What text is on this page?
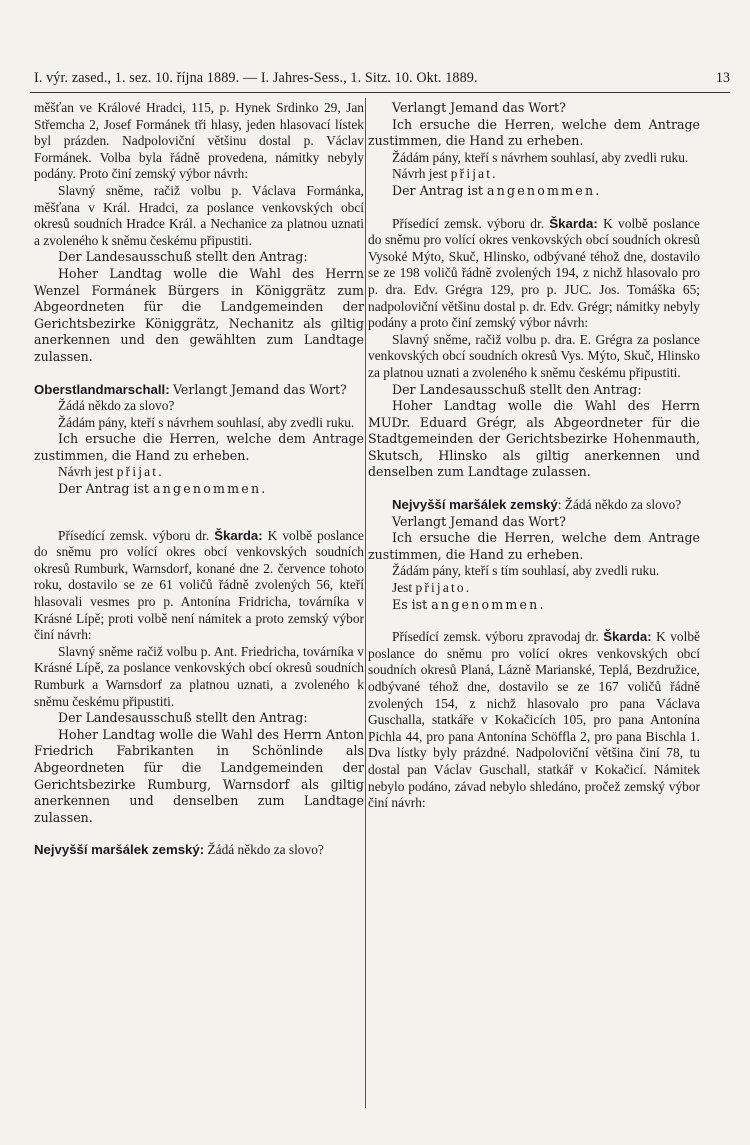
I. výr. zased., 1. sez. 10. října 1889. — I. Jahres-Sess., 1. Sitz. 10. Okt. 1889.	13

měšťan ve Králové Hradci, 115, p. Hynek Srdinko 29, Jan Střemcha 2, Josef Formánek tři hlasy, jeden hlasovací lístek byl prázden. Nadpoloviční většinu dostal p. Václav Formánek. Volba byla řádně provedena, námitky nebyly podány. Proto činí zemský výbor návrh:

Slavný sněme, račiž volbu p. Václava Formánka, měšťana v Král. Hradci, za poslance venkovských obcí okresů soudních Hradce Král. a Nechanice za platnou uznati a zvoleného k sněmu českému připustiti.

Der Landesausschuß stellt den Antrag:

Hoher Landtag wolle die Wahl des Herrn Wenzel Formánek Bürgers in Königgrätz zum Abgeordneten für die Landgemeinden der Gerichtsbezirke Königgrätz, Nechanitz als giltig anerkennen und den gewählten zum Landtage zulassen.

Oberstlandmarschall: Verlangt Jemand das Wort?

Žádá někdo za slovo?

Žádám pány, kteří s návrhem souhlasí, aby zvedli ruku.

Ich ersuche die Herren, welche dem Antrage zustimmen, die Hand zu erheben.

Návrh jest přijat.

Der Antrag ist angenommen.

Přísedící zemsk. výboru dr. Škarda: K volbě poslance do sněmu pro volící okres obcí venkovských soudních okresů Rumburk, Warnsdorf, konané dne 2. července tohoto roku, dostavilo se ze 61 voličů řádně zvolených 56, kteří hlasovali vesmes pro p. Antonína Fridricha, továrníka v Krásné Lípě; proti volbě není námitek a proto zemský výbor činí návrh:

Slavný sněme račiž volbu p. Ant. Friedricha, továrníka v Krásné Lípě, za poslance venkovských obcí okresů soudních Rumburk a Warnsdorf za platnou uznati, a zvoleného k sněmu českému připustiti.

Der Landesausschuß stellt den Antrag:

Hoher Landtag wolle die Wahl des Herrn Anton Friedrich Fabrikanten in Schönlinde als Abgeordneten für die Landgemeinden der Gerichtsbezirke Rumburg, Warnsdorf als giltig anerkennen und denselben zum Landtage zulassen.

Nejvyšší maršálek zemský: Žádá někdo za slovo?

Verlangt Jemand das Wort?

Ich ersuche die Herren, welche dem Antrage zustimmen, die Hand zu erheben.

Žádám pány, kteří s návrhem souhlasí, aby zvedli ruku.

Návrh jest přijat.

Der Antrag ist angenommen.

Přísedící zemsk. výboru dr. Škarda: K volbě poslance do sněmu pro volící okres venkovských obcí soudních okresů Vysoké Mýto, Skuč, Hlinsko, odbývané téhož dne, dostavilo se ze 198 voličů řádně zvolených 194, z nichž hlasovalo pro p. dra. Edv. Grégra 129, pro p. JUC. Jos. Tomáška 65; nadpoloviční většinu dostal p. dr. Edv. Grégr; námitky nebyly podány a proto činí zemský výbor návrh:

Slavný sněme, račiž volbu p. dra. E. Grégra za poslance venkovských obcí soudních okresů Vys. Mýto, Skuč, Hlinsko za platnou uznati a zvoleného k sněmu českému připustiti.

Der Landesausschuß stellt den Antrag:

Hoher Landtag wolle die Wahl des Herrn MUDr. Eduard Grégr, als Abgeordneter für die Stadtgemeinden der Gerichtsbezirke Hohenmauth, Skutsch, Hlinsko als giltig anerkennen und denselben zum Landtage zulassen.

Nejvyšší maršálek zemský: Žádá někdo za slovo?

Verlangt Jemand das Wort?

Ich ersuche die Herren, welche dem Antrage zustimmen, die Hand zu erheben.

Žádám pány, kteří s tím souhlasí, aby zvedli ruku.

Jest přijato.

Es ist angenommen.

Přísedící zemsk. výboru zpravodaj dr. Škarda: K volbě poslance do sněmu pro volící okres venkovských obcí soudních okresů Planá, Lázně Marianské, Teplá, Bezdružice, odbývané téhož dne, dostavilo se ze 167 voličů řádně zvolených 154, z nichž hlasovalo pro pana Václava Guschalla, statkáře v Kokačicích 105, pro pana Antonína Pichla 44, pro pana Antonína Schöffla 2, pro pana Bischla 1. Dva lístky byly prázdné. Nadpoloviční většina činí 78, tu dostal pan Václav Guschall, statkář v Kokačicí. Námitek nebylo podáno, závad nebylo shledáno, pročež zemský výbor činí návrh:
